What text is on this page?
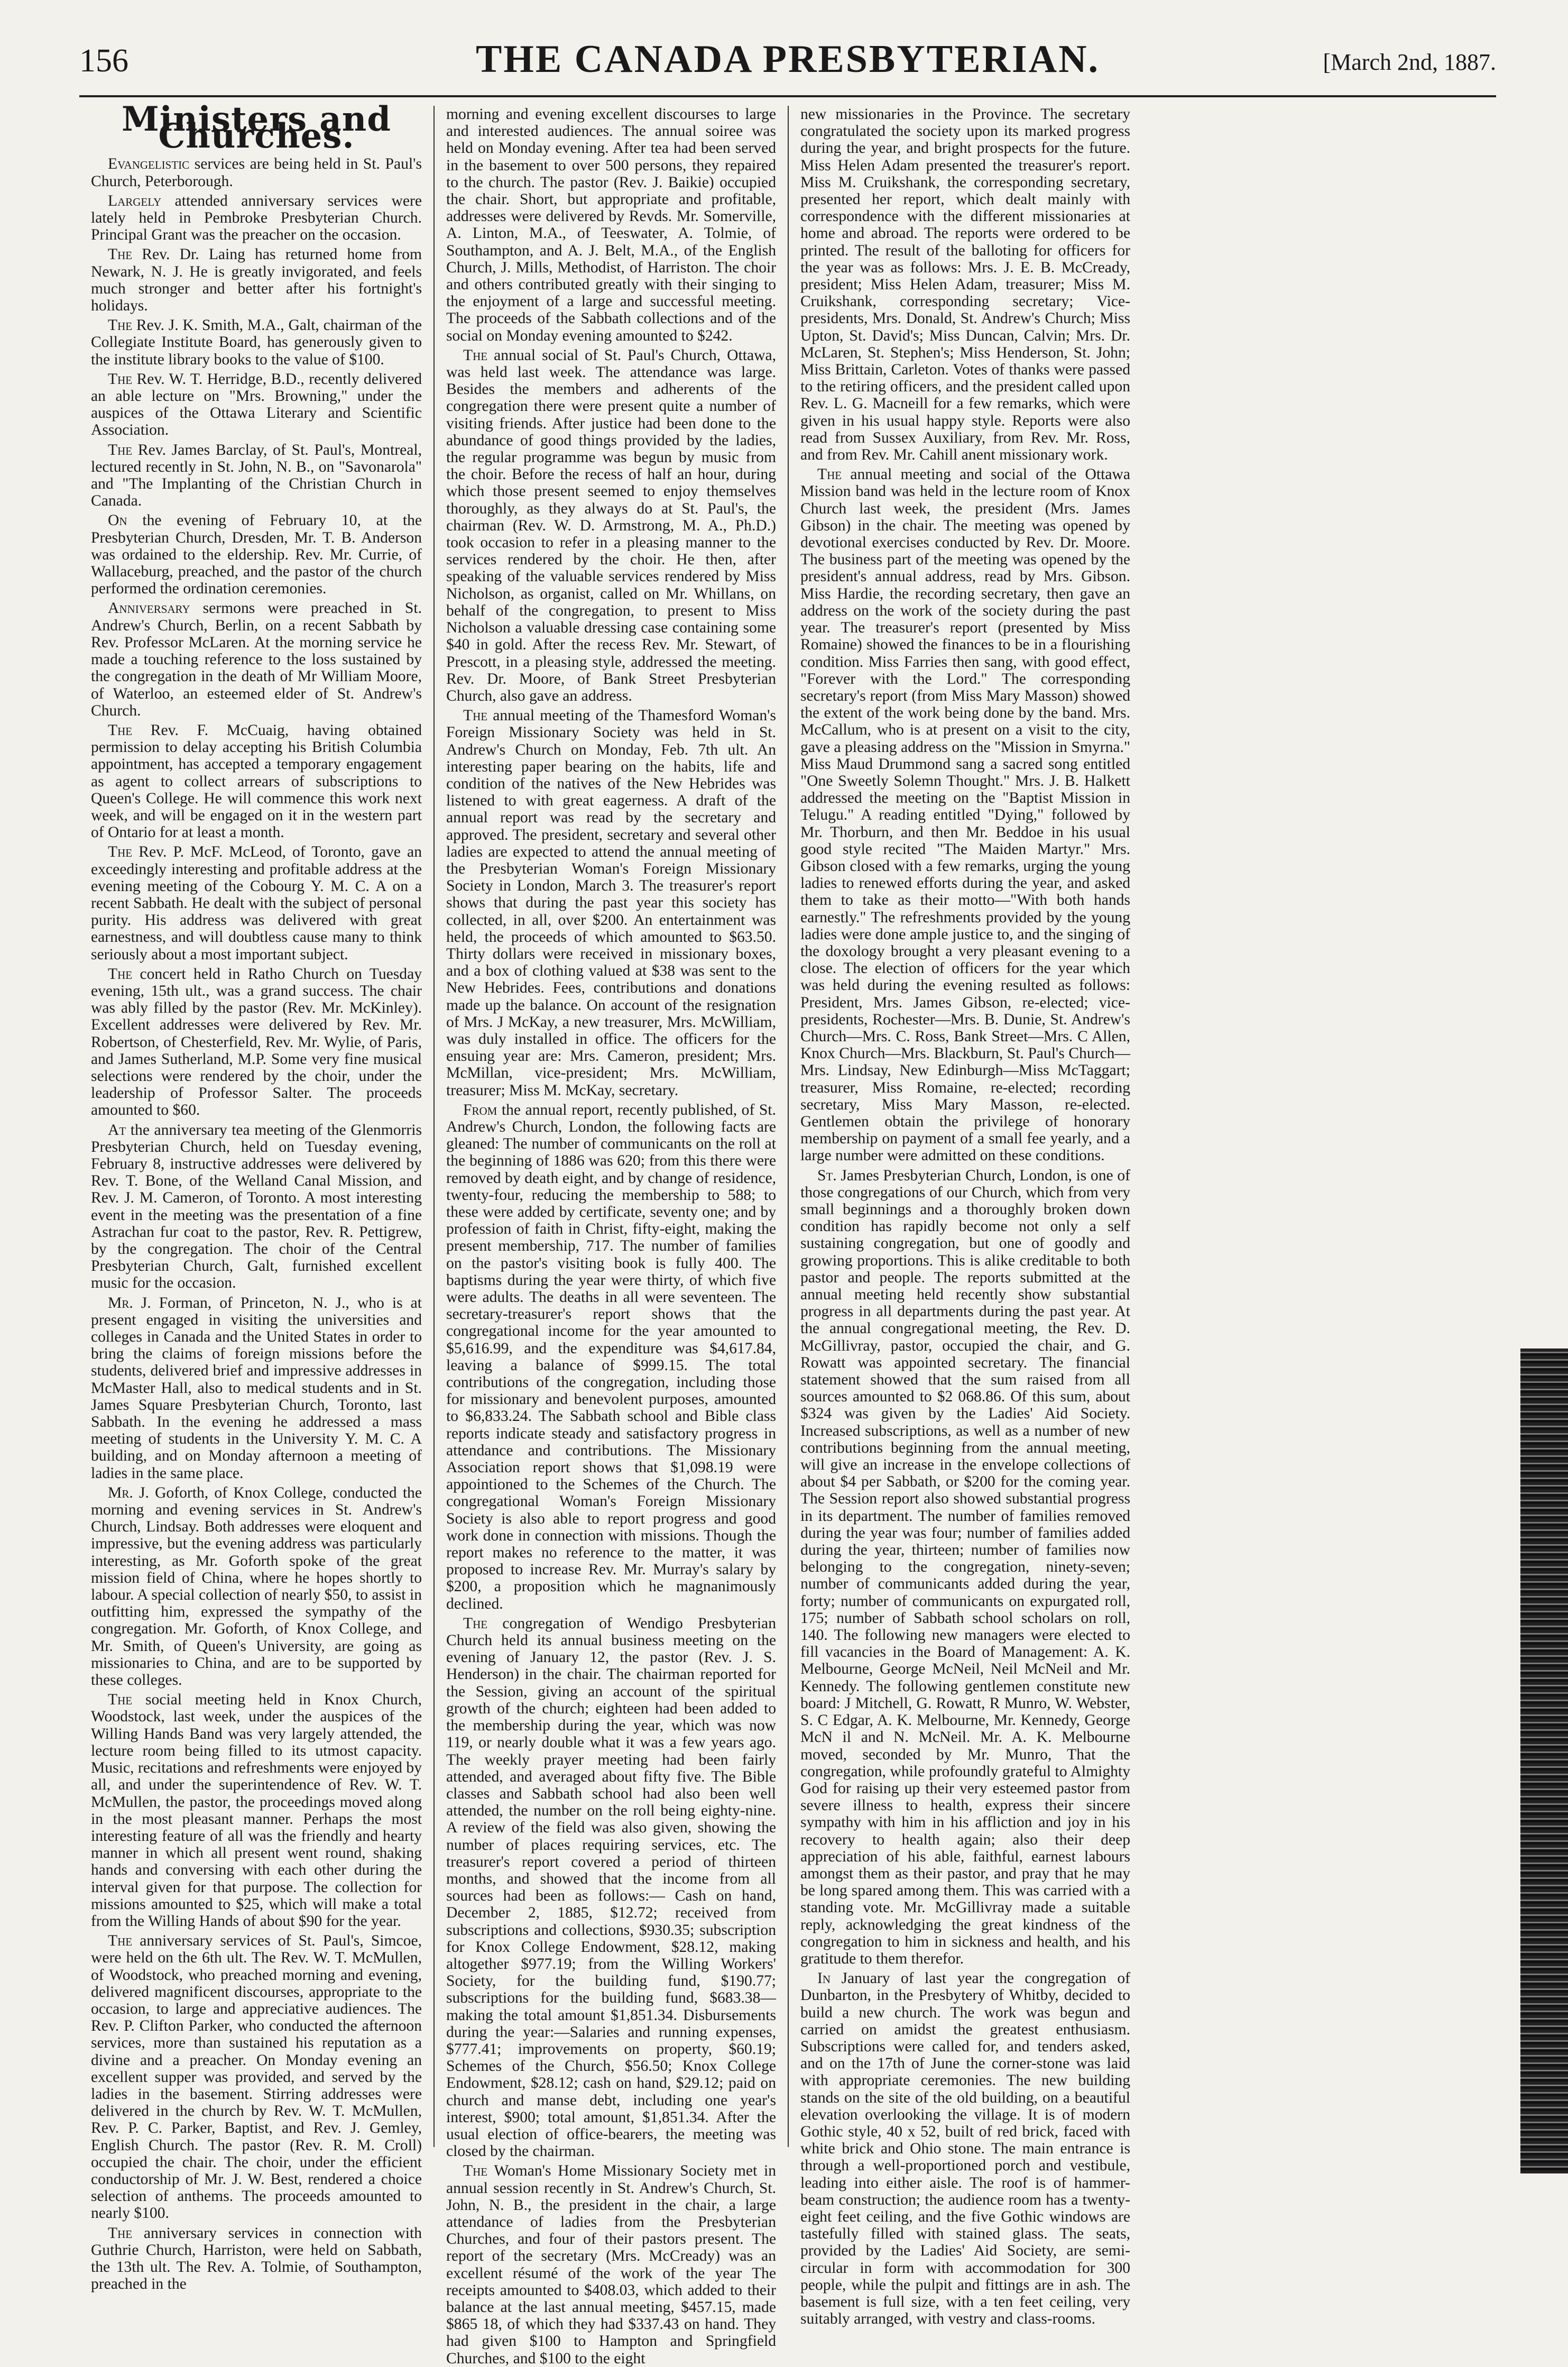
156	THE CANADA PRESBYTERIAN.	[March 2nd, 1887.
Ministers and Churches.

Evangelistic services are being held in St. Paul's Church, Peterborough.

Largely attended anniversary services were lately held in Pembroke Presbyterian Church. Principal Grant was the preacher on the occasion.

The Rev. Dr. Laing has returned home from Newark, N. J. He is greatly invigorated, and feels much stronger and better after his fortnight's holidays.

The Rev. J. K. Smith, M.A., Galt, chairman of the Collegiate Institute Board, has generously given to the institute library books to the value of $100.

The Rev. W. T. Herridge, B.D., recently delivered an able lecture on "Mrs. Browning," under the auspices of the Ottawa Literary and Scientific Association.

The Rev. James Barclay, of St. Paul's, Montreal, lectured recently in St. John, N. B., on "Savonarola" and "The Implanting of the Christian Church in Canada.

On the evening of February 10, at the Presbyterian Church, Dresden, Mr. T. B. Anderson was ordained to the eldership. Rev. Mr. Currie, of Wallaceburg, preached, and the pastor of the church performed the ordination ceremonies.

Anniversary sermons were preached in St. Andrew's Church, Berlin, on a recent Sabbath by Rev. Professor McLaren. At the morning service he made a touching reference to the loss sustained by the congregation in the death of Mr William Moore, of Waterloo, an esteemed elder of St. Andrew's Church.

The Rev. F. McCuaig, having obtained permission to delay accepting his British Columbia appointment, has accepted a temporary engagement as agent to collect arrears of subscriptions to Queen's College. He will commence this work next week, and will be engaged on it in the western part of Ontario for at least a month.

The Rev. P. McF. McLeod, of Toronto, gave an exceedingly interesting and profitable address at the evening meeting of the Cobourg Y. M. C. A on a recent Sabbath. He dealt with the subject of personal purity. His address was delivered with great earnestness, and will doubtless cause many to think seriously about a most important subject.

The concert held in Ratho Church on Tuesday evening, 15th ult., was a grand success. The chair was ably filled by the pastor (Rev. Mr. McKinley). Excellent addresses were delivered by Rev. Mr. Robertson, of Chesterfield, Rev. Mr. Wylie, of Paris, and James Sutherland, M.P. Some very fine musical selections were rendered by the choir, under the leadership of Professor Salter. The proceeds amounted to $60.

At the anniversary tea meeting of the Glenmorris Presbyterian Church, held on Tuesday evening, February 8, instructive addresses were delivered by Rev. T. Bone, of the Welland Canal Mission, and Rev. J. M. Cameron, of Toronto. A most interesting event in the meeting was the presentation of a fine Astrachan fur coat to the pastor, Rev. R. Pettigrew, by the congregation. The choir of the Central Presbyterian Church, Galt, furnished excellent music for the occasion.

Mr. J. Forman, of Princeton, N. J., who is at present engaged in visiting the universities and colleges in Canada and the United States in order to bring the claims of foreign missions before the students, delivered brief and impressive addresses in McMaster Hall, also to medical students and in St. James Square Presbyterian Church, Toronto, last Sabbath. In the evening he addressed a mass meeting of students in the University Y. M. C. A building, and on Monday afternoon a meeting of ladies in the same place.

Mr. J. Goforth, of Knox College, conducted the morning and evening services in St. Andrew's Church, Lindsay. Both addresses were eloquent and impressive, but the evening address was particularly interesting, as Mr. Goforth spoke of the great mission field of China, where he hopes shortly to labour. A special collection of nearly $50, to assist in outfitting him, expressed the sympathy of the congregation. Mr. Goforth, of Knox College, and Mr. Smith, of Queen's University, are going as missionaries to China, and are to be supported by these colleges.

The social meeting held in Knox Church, Woodstock, last week, under the auspices of the Willing Hands Band was very largely attended, the lecture room being filled to its utmost capacity. Music, recitations and refreshments were enjoyed by all, and under the superintendence of Rev. W. T. McMullen, the pastor, the proceedings moved along in the most pleasant manner. Perhaps the most interesting feature of all was the friendly and hearty manner in which all present went round, shaking hands and conversing with each other during the interval given for that purpose. The collection for missions amounted to $25, which will make a total from the Willing Hands of about $90 for the year.

The anniversary services of St. Paul's, Simcoe, were held on the 6th ult. The Rev. W. T. McMullen, of Woodstock, who preached morning and evening, delivered magnificent discourses, appropriate to the occasion, to large and appreciative audiences. The Rev. P. Clifton Parker, who conducted the afternoon services, more than sustained his reputation as a divine and a preacher. On Monday evening an excellent supper was provided, and served by the ladies in the basement. Stirring addresses were delivered in the church by Rev. W. T. McMullen, Rev. P. C. Parker, Baptist, and Rev. J. Gemley, English Church. The pastor (Rev. R. M. Croll) occupied the chair. The choir, under the efficient conductorship of Mr. J. W. Best, rendered a choice selection of anthems. The proceeds amounted to nearly $100.

The anniversary services in connection with Guthrie Church, Harriston, were held on Sabbath, the 13th ult. The Rev. A. Tolmie, of Southampton, preached in the

morning and evening excellent discourses to large and interested audiences. The annual soiree was held on Monday evening. After tea had been served in the basement to over 500 persons, they repaired to the church. The pastor (Rev. J. Baikie) occupied the chair. Short, but appropriate and profitable, addresses were delivered by Revds. Mr. Somerville, A. Linton, M.A., of Teeswater, A. Tolmie, of Southampton, and A. J. Belt, M.A., of the English Church, J. Mills, Methodist, of Harriston. The choir and others contributed greatly with their singing to the enjoyment of a large and successful meeting. The proceeds of the Sabbath collections and of the social on Monday evening amounted to $242.

The annual social of St. Paul's Church, Ottawa, was held last week. The attendance was large. Besides the members and adherents of the congregation there were present quite a number of visiting friends. After justice had been done to the abundance of good things provided by the ladies, the regular programme was begun by music from the choir. Before the recess of half an hour, during which those present seemed to enjoy themselves thoroughly, as they always do at St. Paul's, the chairman (Rev. W. D. Armstrong, M. A., Ph.D.) took occasion to refer in a pleasing manner to the services rendered by the choir. He then, after speaking of the valuable services rendered by Miss Nicholson, as organist, called on Mr. Whillans, on behalf of the congregation, to present to Miss Nicholson a valuable dressing case containing some $40 in gold. After the recess Rev. Mr. Stewart, of Prescott, in a pleasing style, addressed the meeting. Rev. Dr. Moore, of Bank Street Presbyterian Church, also gave an address.

The annual meeting of the Thamesford Woman's Foreign Missionary Society was held in St. Andrew's Church on Monday, Feb. 7th ult. An interesting paper bearing on the habits, life and condition of the natives of the New Hebrides was listened to with great eagerness. A draft of the annual report was read by the secretary and approved. The president, secretary and several other ladies are expected to attend the annual meeting of the Presbyterian Woman's Foreign Missionary Society in London, March 3. The treasurer's report shows that during the past year this society has collected, in all, over $200. An entertainment was held, the proceeds of which amounted to $63.50. Thirty dollars were received in missionary boxes, and a box of clothing valued at $38 was sent to the New Hebrides. Fees, contributions and donations made up the balance. On account of the resignation of Mrs. J McKay, a new treasurer, Mrs. McWilliam, was duly installed in office. The officers for the ensuing year are: Mrs. Cameron, president; Mrs. McMillan, vice-president; Mrs. McWilliam, treasurer; Miss M. McKay, secretary.

From the annual report, recently published, of St. Andrew's Church, London, the following facts are gleaned: The number of communicants on the roll at the beginning of 1886 was 620; from this there were removed by death eight, and by change of residence, twenty-four, reducing the membership to 588; to these were added by certificate, seventy one; and by profession of faith in Christ, fifty-eight, making the present membership, 717. The number of families on the pastor's visiting book is fully 400. The baptisms during the year were thirty, of which five were adults. The deaths in all were seventeen. The secretary-treasurer's report shows that the congregational income for the year amounted to $5,616.99, and the expenditure was $4,617.84, leaving a balance of $999.15. The total contributions of the congregation, including those for missionary and benevolent purposes, amounted to $6,833.24. The Sabbath school and Bible class reports indicate steady and satisfactory progress in attendance and contributions. The Missionary Association report shows that $1,098.19 were appointioned to the Schemes of the Church. The congregational Woman's Foreign Missionary Society is also able to report progress and good work done in connection with missions. Though the report makes no reference to the matter, it was proposed to increase Rev. Mr. Murray's salary by $200, a proposition which he magnanimously declined.

The congregation of Wendigo Presbyterian Church held its annual business meeting on the evening of January 12, the pastor (Rev. J. S. Henderson) in the chair. The chairman reported for the Session, giving an account of the spiritual growth of the church; eighteen had been added to the membership during the year, which was now 119, or nearly double what it was a few years ago. The weekly prayer meeting had been fairly attended, and averaged about fifty five. The Bible classes and Sabbath school had also been well attended, the number on the roll being eighty-nine. A review of the field was also given, showing the number of places requiring services, etc. The treasurer's report covered a period of thirteen months, and showed that the income from all sources had been as follows:— Cash on hand, December 2, 1885, $12.72; received from subscriptions and collections, $930.35; subscription for Knox College Endowment, $28.12, making altogether $977.19; from the Willing Workers' Society, for the building fund, $190.77; subscriptions for the building fund, $683.38—making the total amount $1,851.34. Disbursements during the year:—Salaries and running expenses, $777.41; improvements on property, $60.19; Schemes of the Church, $56.50; Knox College Endowment, $28.12; cash on hand, $29.12; paid on church and manse debt, including one year's interest, $900; total amount, $1,851.34. After the usual election of office-bearers, the meeting was closed by the chairman.

The Woman's Home Missionary Society met in annual session recently in St. Andrew's Church, St. John, N. B., the president in the chair, a large attendance of ladies from the Presbyterian Churches, and four of their pastors present. The report of the secretary (Mrs. McCready) was an excellent résumé of the work of the year The receipts amounted to $408.03, which added to their balance at the last annual meeting, $457.15, made $865 18, of which they had $337.43 on hand. They had given $100 to Hampton and Springfield Churches, and $100 to the eight

new missionaries in the Province. The secretary congratulated the society upon its marked progress during the year, and bright prospects for the future. Miss Helen Adam presented the treasurer's report. Miss M. Cruikshank, the corresponding secretary, presented her report, which dealt mainly with correspondence with the different missionaries at home and abroad. The reports were ordered to be printed. The result of the balloting for officers for the year was as follows: Mrs. J. E. B. McCready, president; Miss Helen Adam, treasurer; Miss M. Cruikshank, corresponding secretary; Vice-presidents, Mrs. Donald, St. Andrew's Church; Miss Upton, St. David's; Miss Duncan, Calvin; Mrs. Dr. McLaren, St. Stephen's; Miss Henderson, St. John; Miss Brittain, Carleton. Votes of thanks were passed to the retiring officers, and the president called upon Rev. L. G. Macneill for a few remarks, which were given in his usual happy style. Reports were also read from Sussex Auxiliary, from Rev. Mr. Ross, and from Rev. Mr. Cahill anent missionary work.

The annual meeting and social of the Ottawa Mission band was held in the lecture room of Knox Church last week, the president (Mrs. James Gibson) in the chair. The meeting was opened by devotional exercises conducted by Rev. Dr. Moore. The business part of the meeting was opened by the president's annual address, read by Mrs. Gibson. Miss Hardie, the recording secretary, then gave an address on the work of the society during the past year. The treasurer's report (presented by Miss Romaine) showed the finances to be in a flourishing condition. Miss Farries then sang, with good effect, "Forever with the Lord." The corresponding secretary's report (from Miss Mary Masson) showed the extent of the work being done by the band. Mrs. McCallum, who is at present on a visit to the city, gave a pleasing address on the "Mission in Smyrna." Miss Maud Drummond sang a sacred song entitled "One Sweetly Solemn Thought." Mrs. J. B. Halkett addressed the meeting on the "Baptist Mission in Telugu." A reading entitled "Dying," followed by Mr. Thorburn, and then Mr. Beddoe in his usual good style recited "The Maiden Martyr." Mrs. Gibson closed with a few remarks, urging the young ladies to renewed efforts during the year, and asked them to take as their motto—"With both hands earnestly." The refreshments provided by the young ladies were done ample justice to, and the singing of the doxology brought a very pleasant evening to a close. The election of officers for the year which was held during the evening resulted as follows: President, Mrs. James Gibson, re-elected; vice-presidents, Rochester—Mrs. B. Dunie, St. Andrew's Church—Mrs. C. Ross, Bank Street—Mrs. C Allen, Knox Church—Mrs. Blackburn, St. Paul's Church—Mrs. Lindsay, New Edinburgh—Miss McTaggart; treasurer, Miss Romaine, re-elected; recording secretary, Miss Mary Masson, re-elected. Gentlemen obtain the privilege of honorary membership on payment of a small fee yearly, and a large number were admitted on these conditions.

St. James Presbyterian Church, London, is one of those congregations of our Church, which from very small beginnings and a thoroughly broken down condition has rapidly become not only a self sustaining congregation, but one of goodly and growing proportions. This is alike creditable to both pastor and people. The reports submitted at the annual meeting held recently show substantial progress in all departments during the past year. At the annual congregational meeting, the Rev. D. McGillivray, pastor, occupied the chair, and G. Rowatt was appointed secretary. The financial statement showed that the sum raised from all sources amounted to $2 068.86. Of this sum, about $324 was given by the Ladies' Aid Society. Increased subscriptions, as well as a number of new contributions beginning from the annual meeting, will give an increase in the envelope collections of about $4 per Sabbath, or $200 for the coming year. The Session report also showed substantial progress in its department. The number of families removed during the year was four; number of families added during the year, thirteen; number of families now belonging to the congregation, ninety-seven; number of communicants added during the year, forty; number of communicants on expurgated roll, 175; number of Sabbath school scholars on roll, 140. The following new managers were elected to fill vacancies in the Board of Management: A. K. Melbourne, George McNeil, Neil McNeil and Mr. Kennedy. The following gentlemen constitute new board: J Mitchell, G. Rowatt, R Munro, W. Webster, S. C Edgar, A. K. Melbourne, Mr. Kennedy, George McN il and N. McNeil. Mr. A. K. Melbourne moved, seconded by Mr. Munro, That the congregation, while profoundly grateful to Almighty God for raising up their very esteemed pastor from severe illness to health, express their sincere sympathy with him in his affliction and joy in his recovery to health again; also their deep appreciation of his able, faithful, earnest labours amongst them as their pastor, and pray that he may be long spared among them. This was carried with a standing vote. Mr. McGillivray made a suitable reply, acknowledging the great kindness of the congregation to him in sickness and health, and his gratitude to them therefor.

In January of last year the congregation of Dunbarton, in the Presbytery of Whitby, decided to build a new church. The work was begun and carried on amidst the greatest enthusiasm. Subscriptions were called for, and tenders asked, and on the 17th of June the corner-stone was laid with appropriate ceremonies. The new building stands on the site of the old building, on a beautiful elevation overlooking the village. It is of modern Gothic style, 40 x 52, built of red brick, faced with white brick and Ohio stone. The main entrance is through a well-proportioned porch and vestibule, leading into either aisle. The roof is of hammer-beam construction; the audience room has a twenty-eight feet ceiling, and the five Gothic windows are tastefully filled with stained glass. The seats, provided by the Ladies' Aid Society, are semi-circular in form with accommodation for 300 people, while the pulpit and fittings are in ash. The basement is full size, with a ten feet ceiling, very suitably arranged, with vestry and class-rooms.
